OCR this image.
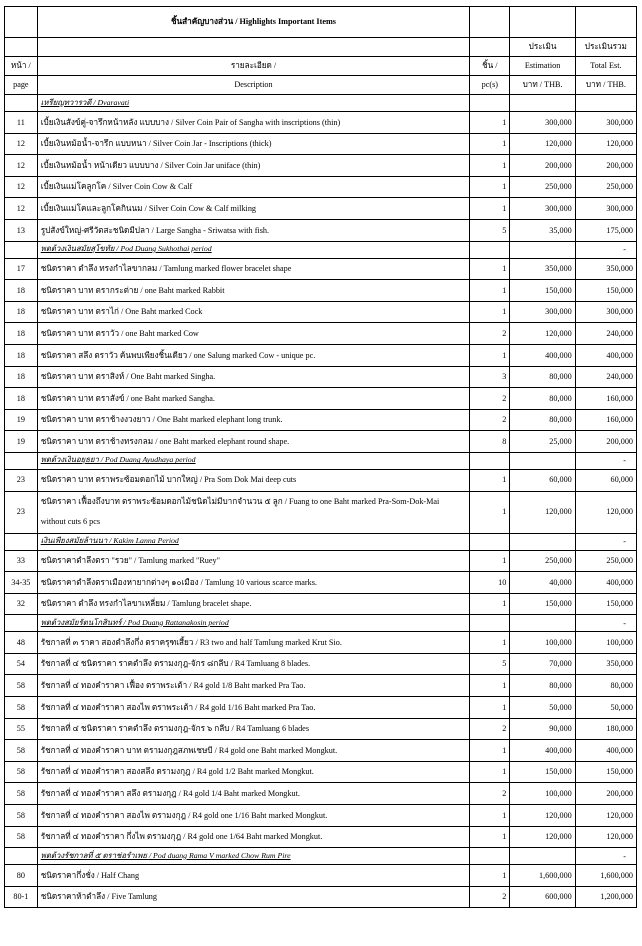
	ชิ้นสำคัญบางส่วน / Highlights Important Items			
			ประเมิน	ประเมินรวม
หน้า /	รายละเอียด /	ชิ้น /	Estimation	Total Est.
page	Description	pc(s)	บาท / THB.	บาท / THB.
	เหรียญทวารวดี / Dvaravati			
11	เบี้ยเงินสังข์คู่-จารึกหน้าหลัง แบบบาง / Silver Coin Pair of Sangha with inscriptions (thin)	1	300,000	300,000
12	เบี้ยเงินหม้อน้ำ-จารึก แบบหนา / Silver Coin Jar - Inscriptions (thick)	1	120,000	120,000
12	เบี้ยเงินหม้อน้ำ หน้าเดียว แบบบาง / Silver Coin Jar uniface (thin)	1	200,000	200,000
12	เบี้ยเงินแม่โคลูกโค / Silver Coin Cow & Calf	1	250,000	250,000
12	เบี้ยเงินแม่โคและลูกโคกินนม / Silver Coin Cow & Calf milking	1	300,000	300,000
13	รูปสังข์ใหญ่-ศรีวัตสะชนิดมีปลา / Large Sangha - Sriwatsa with fish.	5	35,000	175,000
	พดด้วงเงินสมัยสุโขทัย / Pod Duang Sukhothai period			-
17	ชนิดราคา ตำลึง ทรงกำไลขากลม / Tamlung marked flower bracelet shape	1	350,000	350,000
18	ชนิดราคา บาท ตรากระต่าย / one Baht marked Rabbit	1	150,000	150,000
18	ชนิดราคา บาท ตราไก่ / One Baht marked Cock	1	300,000	300,000
18	ชนิดราคา บาท ตราวัว / one Baht marked Cow	2	120,000	240,000
18	ชนิดราคา สลึง ตราวัว ค้นพบเพียงชิ้นเดียว / one Salung marked Cow - unique pc.	1	400,000	400,000
18	ชนิดราคา บาท ตราสิงห์ / One Baht marked Singha.	3	80,000	240,000
18	ชนิดราคา บาท ตราสังข์ / one Baht marked Sangha.	2	80,000	160,000
19	ชนิดราคา บาท ตราช้างงวงยาว / One Baht marked elephant long trunk.	2	80,000	160,000
19	ชนิดราคา บาท ตราช้างทรงกลม / one Baht marked elephant round shape.	8	25,000	200,000
	พดด้วงเงินอยุธยา / Pod Duang Ayudhaya period			-
23	ชนิดราคา บาท ตราพระซ้อมดอกไม้ บากใหญ่ / Pra Som Dok Mai deep cuts	1	60,000	60,000
23	ชนิดราคา เฟื้องถึงบาท ตราพระซ้อมดอกไม้ชนิดไม่มีบากจำนวน ๕ ลูก / Fuang to one Baht marked Pra-Som-Dok-Mai without cuts 6 pcs	1	120,000	120,000
	เงินเพียงสมัยล้านนา / Kakim Lanna Period			-
33	ชนิดราคาตำลึงตรา "รวย" / Tamlung marked "Ruey"	1	250,000	250,000
34-35	ชนิดราคาตำลึงตราเมืองหายากต่างๆ ๑๐เมือง / Tamlung 10 various scarce marks.	10	40,000	400,000
32	ชนิดราคา ตำลึง ทรงกำไลขาเหลี่ยม / Tamlung bracelet shape.	1	150,000	150,000
	พดด้วงสมัยรัตนโกสินทร์ / Pod Duang Rattanakosin period			-
48	รัชกาลที่ ๓ ราคา สองตำลึงกึ่ง ตราครุฑเสี้ยว / R3 two and half Tamlung marked Krut Sio.	1	100,000	100,000
54	รัชกาลที่ ๔ ชนิดราคา ราคตำลึง ตรามงกุฎ-จักร ๘กลีบ / R4 Tamluang 8 blades.	5	70,000	350,000
58	รัชกาลที่ ๔ ทองคำราคา เฟื้อง ตราพระเต้า / R4 gold 1/8 Baht marked Pra Tao.	1	80,000	80,000
58	รัชกาลที่ ๔ ทองคำราคา สองไพ ตราพระเต้า / R4 gold 1/16 Baht marked Pra Tao.	1	50,000	50,000
55	รัชกาลที่ ๔ ชนิดราคา ราคตำลึง ตรามงกุฎ-จักร ๖ กลีบ / R4 Tamluang 6 blades	2	90,000	180,000
58	รัชกาลที่ ๔ ทองคำราคา บาท ตรามงกุฎสภพเชษบี / R4 gold one Baht marked Mongkut.	1	400,000	400,000
58	รัชกาลที่ ๔ ทองคำราคา สองสลึง ตรามงกุฎ / R4 gold 1/2 Baht marked Mongkut.	1	150,000	150,000
58	รัชกาลที่ ๔ ทองคำราคา สลึง ตรามงกุฎ / R4 gold 1/4 Baht marked Mongkut.	2	100,000	200,000
58	รัชกาลที่ ๔ ทองคำราคา สองไพ ตรามงกุฎ / R4 gold one 1/16 Baht marked Mongkut.	1	120,000	120,000
58	รัชกาลที่ ๔ ทองคำราคา กึ่งไพ ตรามงกุฎ / R4 gold one 1/64 Baht marked Mongkut.	1	120,000	120,000
	พดด้วงรัชกาลที่ ๕ ตราช่อรำเพย / Pod duang Rama V marked Chow Rum Pire			-
80	ชนิดราคากึ่งชั่ง / Half Chang	1	1,600,000	1,600,000
80-1	ชนิดราคาห้าตำลึง / Five Tamlung	2	600,000	1,200,000
